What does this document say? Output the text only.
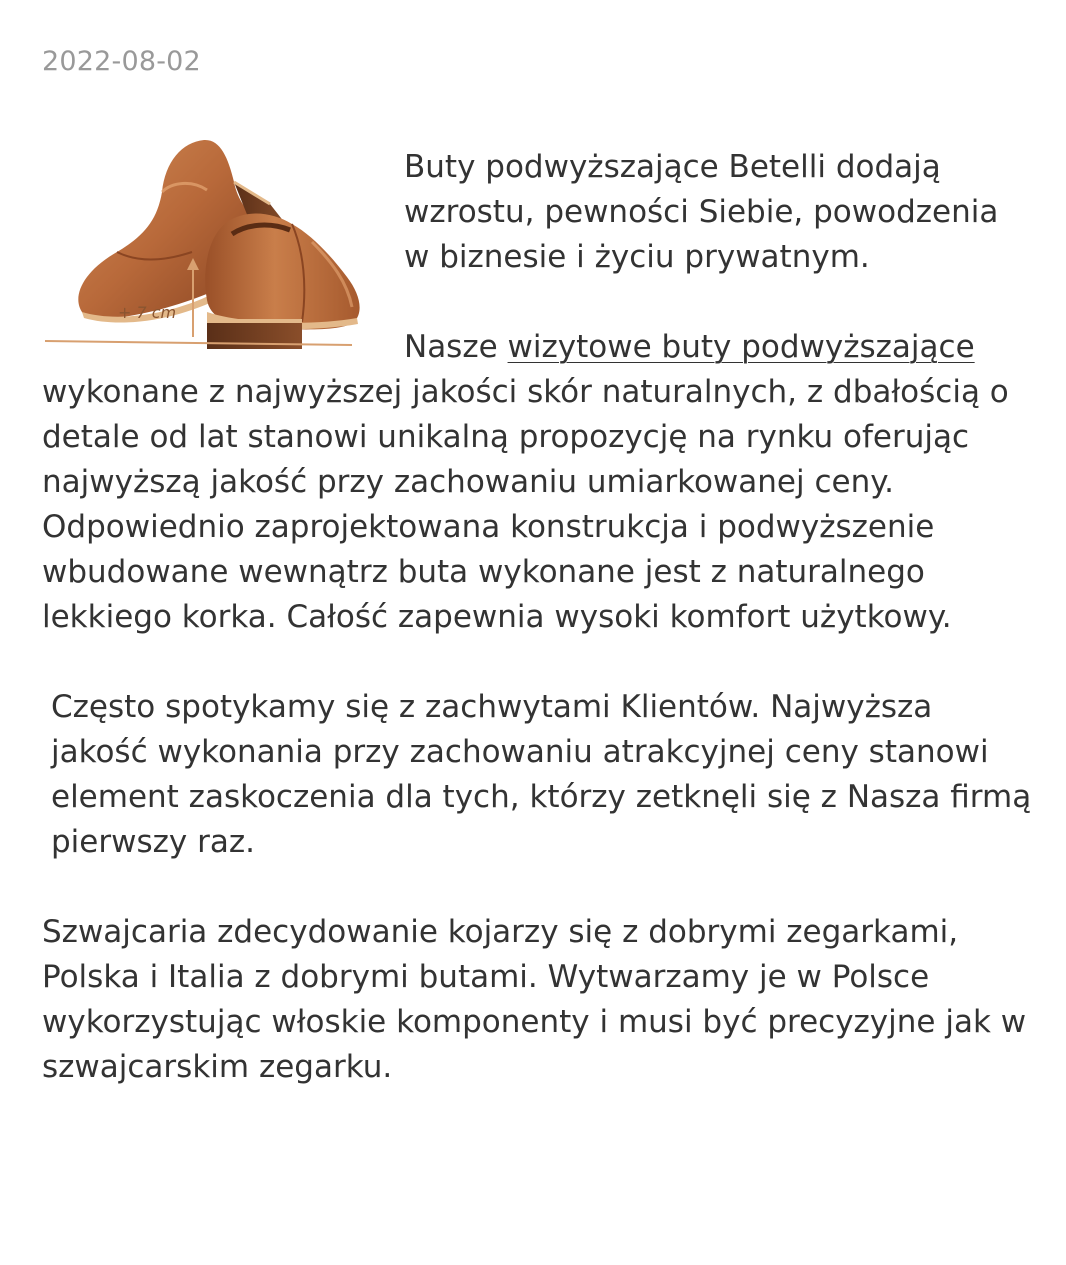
2022-08-02
+ 7 cm

Buty podwyższające Betelli dodają wzrostu, pewności Siebie, powodzenia w biznesie i życiu prywatnym.

Nasze wizytowe buty podwyższające wykonane z najwyższej jakości skór naturalnych, z dbałością o detale od lat stanowi unikalną propozycję na rynku oferując najwyższą jakość przy zachowaniu umiarkowanej ceny. Odpowiednio zaprojektowana konstrukcja i podwyższenie wbudowane wewnątrz buta wykonane jest z naturalnego lekkiego korka. Całość zapewnia wysoki komfort użytkowy.

Często spotykamy się z zachwytami Klientów. Najwyższa jakość wykonania przy zachowaniu atrakcyjnej ceny stanowi element zaskoczenia dla tych, którzy zetknęli się z Nasza firmą pierwszy raz.

Szwajcaria zdecydowanie kojarzy się z dobrymi zegarkami, Polska i Italia z dobrymi butami. Wytwarzamy je w Polsce wykorzystując włoskie komponenty i musi być precyzyjne jak w szwajcarskim zegarku.
